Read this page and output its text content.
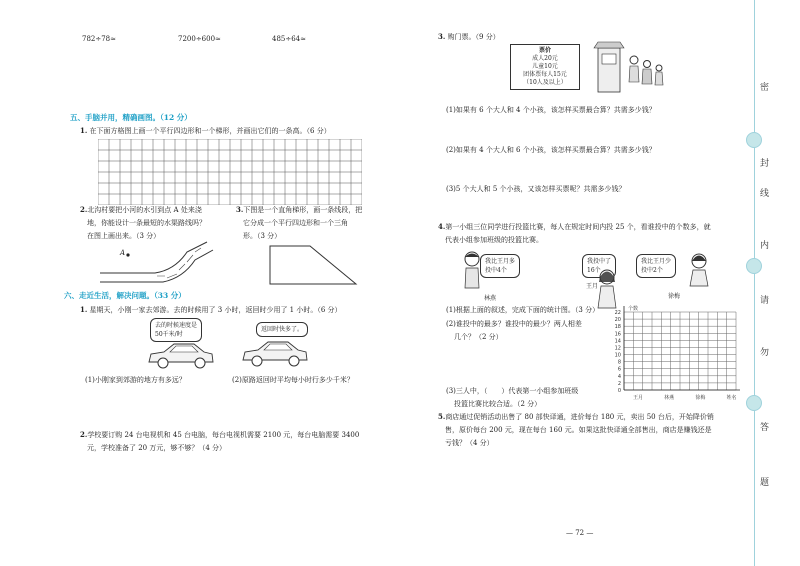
782÷78≈	7200÷600≈	485÷64≈
五、手脑并用，精确画图。（12 分）
1. 在下面方格图上画一个平行四边形和一个梯形，并画出它们的一条高。（6 分）
2.北沟村要把小河的水引到点 A 处来浇
地，你能设计一条最短的水渠路线吗？
在图上画出来。（3 分）
A
3.下图是一个直角梯形，画一条线段，把
它分成一个平行四边形和一个三角
形。（3 分）
六、走近生活，解决问题。（33 分）
1. 星期天，小刚一家去郊游。去的时候用了 3 小时，返回时少用了 1 小时。（6 分）
去的时候速度是
50千米/时
返回时快多了。
(1)小刚家到郊游的地方有多远？	(2)原路返回时平均每小时行多少千米？
2.学校要订购 24 台电视机和 45 台电脑，每台电视机需要 2100 元，每台电脑需要 3400
元，学校准备了 20 万元，够不够？（4 分）
3. 购门票。（9 分）
票价
成人20元
儿童10元
团体票每人15元
（10人及以上）
(1)如果有 6 个大人和 4 个小孩，该怎样买票最合算？共需多少钱？
(2)如果有 4 个大人和 6 个小孩，该怎样买票最合算？共需多少钱？
(3)5 个大人和 5 个小孩，又该怎样买票呢？共需多少钱？
4.第一小组三位同学进行投篮比赛，每人在规定时间内投 25 个，看谁投中的个数多，就
代表小组参加班级的投篮比赛。
我比王月多
投中4个
我投中了
16个
我比王月少
投中2个
林燕
王月
徐梅
(1)根据上面的叙述，完成下面的统计图。（3 分）
(2)谁投中的最多？谁投中的最少？两人相差
几个？（2 分）
(3)三人中，（　　）代表第一小组参加班级
投篮比赛比较合适。（2 分）
0
2
4
6
8
10
12
14
16
18
20
22
个数
王月	林燕	徐梅	姓名
5.商店通过促销活动出售了 80 部快译通，进价每台 180 元，卖出 50 台后，开始降价销
售，原价每台 200 元，现在每台 160 元。如果这批快译通全部售出，商店是赚钱还是
亏钱？（4 分）
— 72 —
密
封
线
内
请
勿
答
题
